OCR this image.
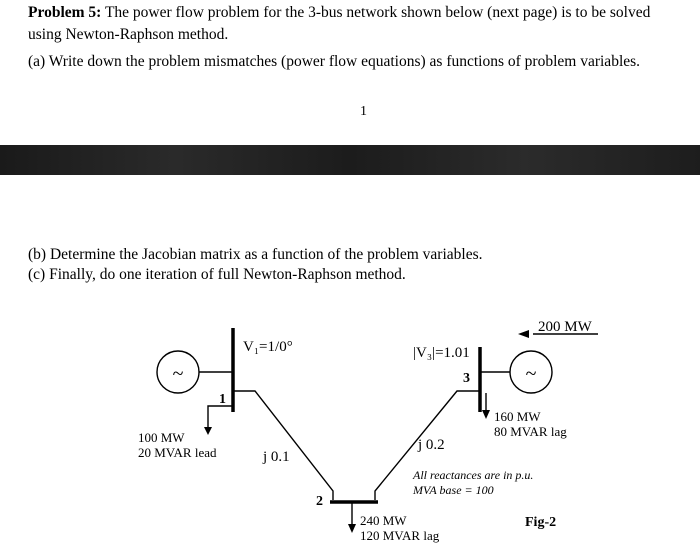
Problem 5: The power flow problem for the 3-bus network shown below (next page) is to be solved
using Newton-Raphson method.
(a) Write down the problem mismatches (power flow equations) as functions of problem variables.
1
(b) Determine the Jacobian matrix as a function of the problem variables.
(c) Finally, do one iteration of full Newton-Raphson method.
~	~
V₁=1/0°	|V₃|=1.01
1
3
2
200 MW
160 MW
80 MVAR lag
100 MW
20 MVAR lead	j 0.1
j 0.2
All reactances are in p.u.
MVA base = 100
240 MW
120 MVAR lag
Fig-2
